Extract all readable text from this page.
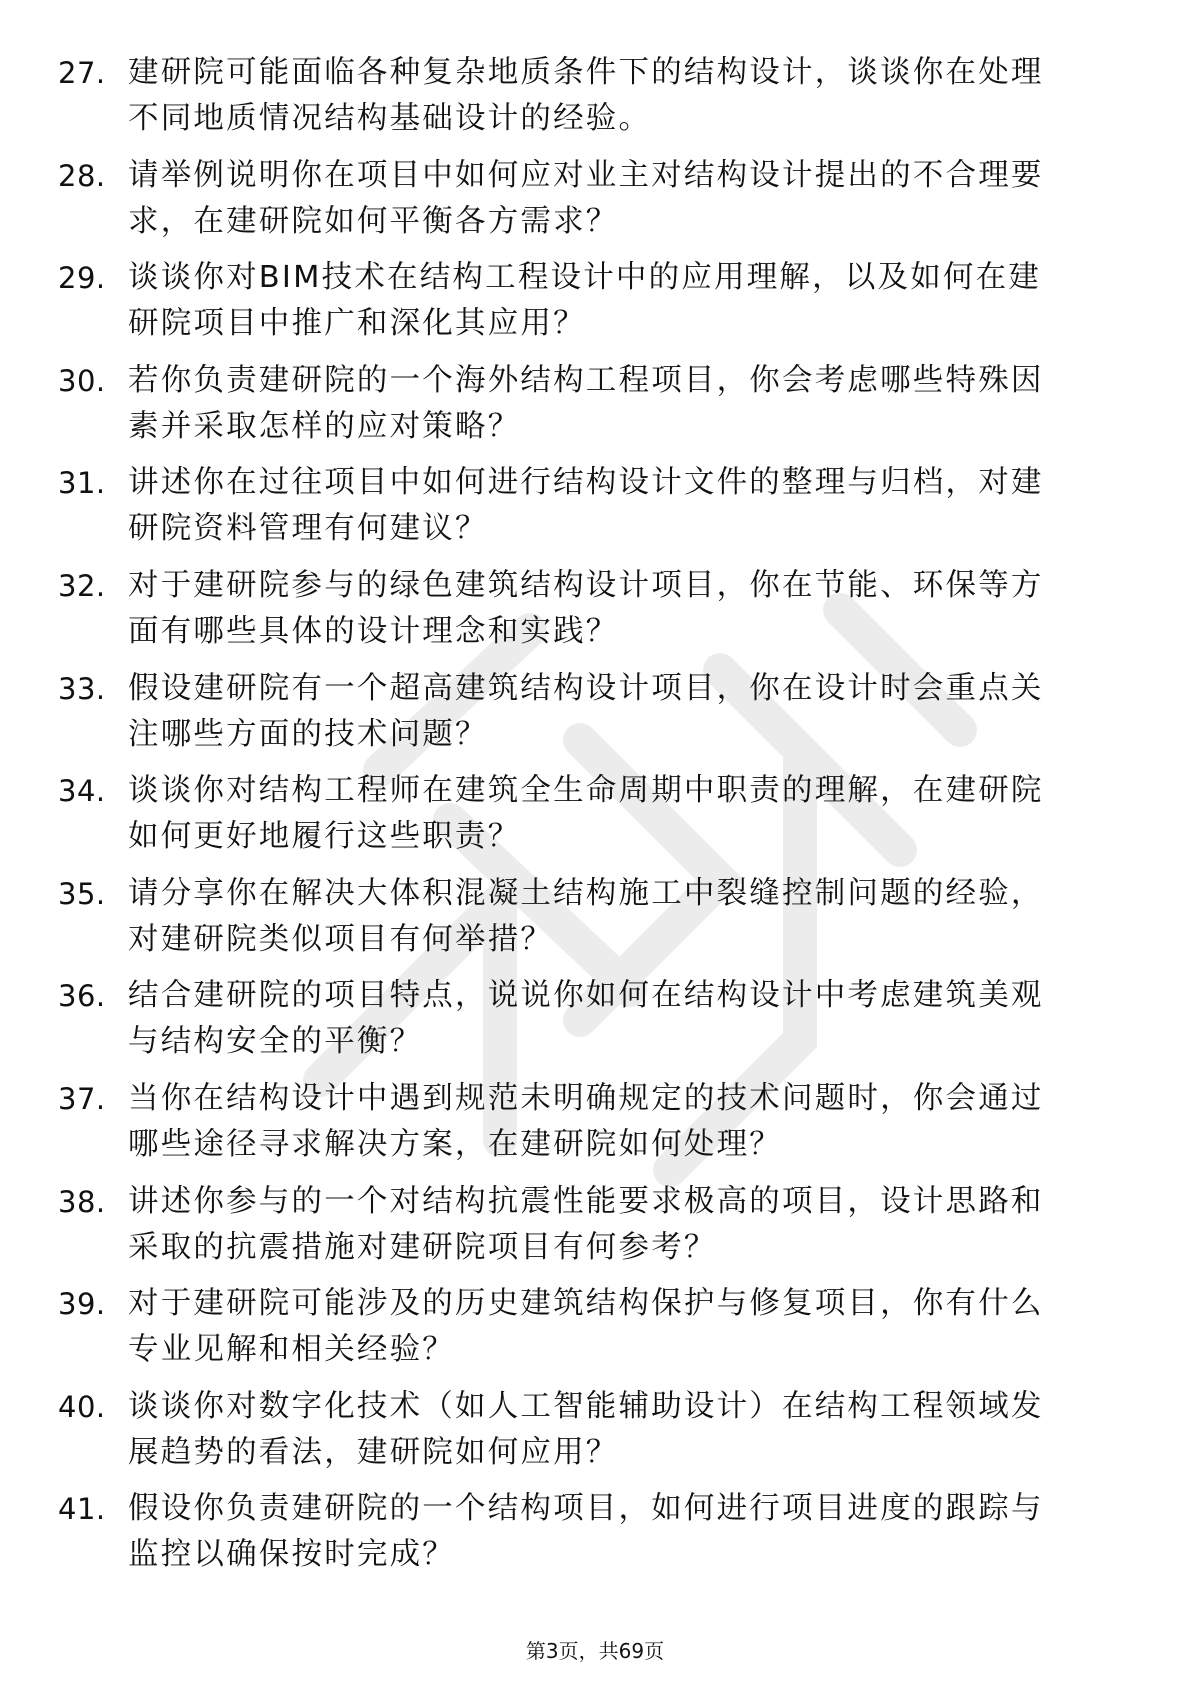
27. 建研院可能面临各种复杂地质条件下的结构设计，谈谈你在处理
不同地质情况结构基础设计的经验。
28. 请举例说明你在项目中如何应对业主对结构设计提出的不合理要
求，在建研院如何平衡各方需求？
29. 谈谈你对BIM技术在结构工程设计中的应用理解，以及如何在建
研院项目中推广和深化其应用？
30. 若你负责建研院的一个海外结构工程项目，你会考虑哪些特殊因
素并采取怎样的应对策略？
31. 讲述你在过往项目中如何进行结构设计文件的整理与归档，对建
研院资料管理有何建议？
32. 对于建研院参与的绿色建筑结构设计项目，你在节能、环保等方
面有哪些具体的设计理念和实践？
33. 假设建研院有一个超高建筑结构设计项目，你在设计时会重点关
注哪些方面的技术问题？
34. 谈谈你对结构工程师在建筑全生命周期中职责的理解，在建研院
如何更好地履行这些职责？
35. 请分享你在解决大体积混凝土结构施工中裂缝控制问题的经验，
对建研院类似项目有何举措？
36. 结合建研院的项目特点，说说你如何在结构设计中考虑建筑美观
与结构安全的平衡？
37. 当你在结构设计中遇到规范未明确规定的技术问题时，你会通过
哪些途径寻求解决方案，在建研院如何处理？
38. 讲述你参与的一个对结构抗震性能要求极高的项目，设计思路和
采取的抗震措施对建研院项目有何参考？
39. 对于建研院可能涉及的历史建筑结构保护与修复项目，你有什么
专业见解和相关经验？
40. 谈谈你对数字化技术（如人工智能辅助设计）在结构工程领域发
展趋势的看法，建研院如何应用？
41. 假设你负责建研院的一个结构项目，如何进行项目进度的跟踪与
监控以确保按时完成？
第3页，共69页
